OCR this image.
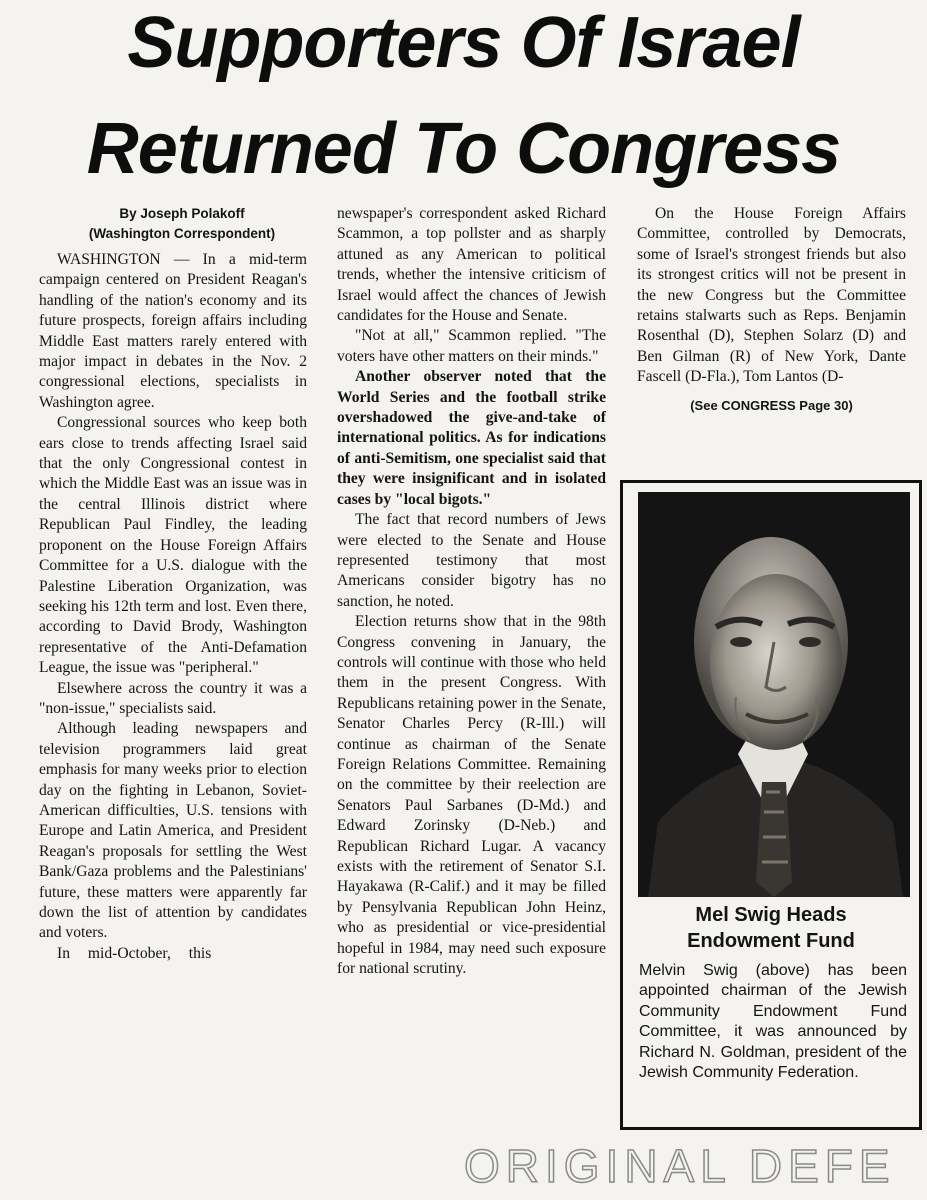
Supporters Of Israel
Returned To Congress

By Joseph Polakoff

(Washington Correspondent)

WASHINGTON — In a mid-term campaign centered on President Reagan's handling of the nation's economy and its future prospects, foreign affairs including Middle East matters rarely entered with major impact in debates in the Nov. 2 congressional elections, specialists in Washington agree.

Congressional sources who keep both ears close to trends affecting Israel said that the only Congressional contest in which the Middle East was an issue was in the central Illinois district where Republican Paul Findley, the leading proponent on the House Foreign Affairs Committee for a U.S. dialogue with the Palestine Liberation Organization, was seeking his 12th term and lost. Even there, according to David Brody, Washington representative of the Anti-Defamation League, the issue was "peripheral."

Elsewhere across the country it was a "non-issue," specialists said.

Although leading newspapers and television programmers laid great emphasis for many weeks prior to election day on the fighting in Lebanon, Soviet-American difficulties, U.S. tensions with Europe and Latin America, and President Reagan's proposals for settling the West Bank/Gaza problems and the Palestinians' future, these matters were apparently far down the list of attention by candidates and voters.

In mid-October, this

newspaper's correspondent asked Richard Scammon, a top pollster and as sharply attuned as any American to political trends, whether the intensive criticism of Israel would affect the chances of Jewish candidates for the House and Senate.

"Not at all," Scammon replied. "The voters have other matters on their minds."

Another observer noted that the World Series and the football strike overshadowed the give-and-take of international politics. As for indications of anti-Semitism, one specialist said that they were insignificant and in isolated cases by "local bigots."

The fact that record numbers of Jews were elected to the Senate and House represented testimony that most Americans consider bigotry has no sanction, he noted.

Election returns show that in the 98th Congress convening in January, the controls will continue with those who held them in the present Congress. With Republicans retaining power in the Senate, Senator Charles Percy (R-Ill.) will continue as chairman of the Senate Foreign Relations Committee. Remaining on the committee by their reelection are Senators Paul Sarbanes (D-Md.) and Edward Zorinsky (D-Neb.) and Republican Richard Lugar. A vacancy exists with the retirement of Senator S.I. Hayakawa (R-Calif.) and it may be filled by Pensylvania Republican John Heinz, who as presidential or vice-presidential hopeful in 1984, may need such exposure for national scrutiny.

On the House Foreign Affairs Committee, controlled by Democrats, some of Israel's strongest friends but also its strongest critics will not be present in the new Congress but the Committee retains stalwarts such as Reps. Benjamin Rosenthal (D), Stephen Solarz (D) and Ben Gilman (R) of New York, Dante Fascell (D-Fla.), Tom Lantos (D-

(See CONGRESS Page 30)

Mel Swig Heads
Endowment Fund

Melvin Swig (above) has been appointed chairman of the Jewish Community Endowment Fund Committee, it was announced by Richard N. Goldman, president of the Jewish Community Federation.

ORIGINAL DEFE
